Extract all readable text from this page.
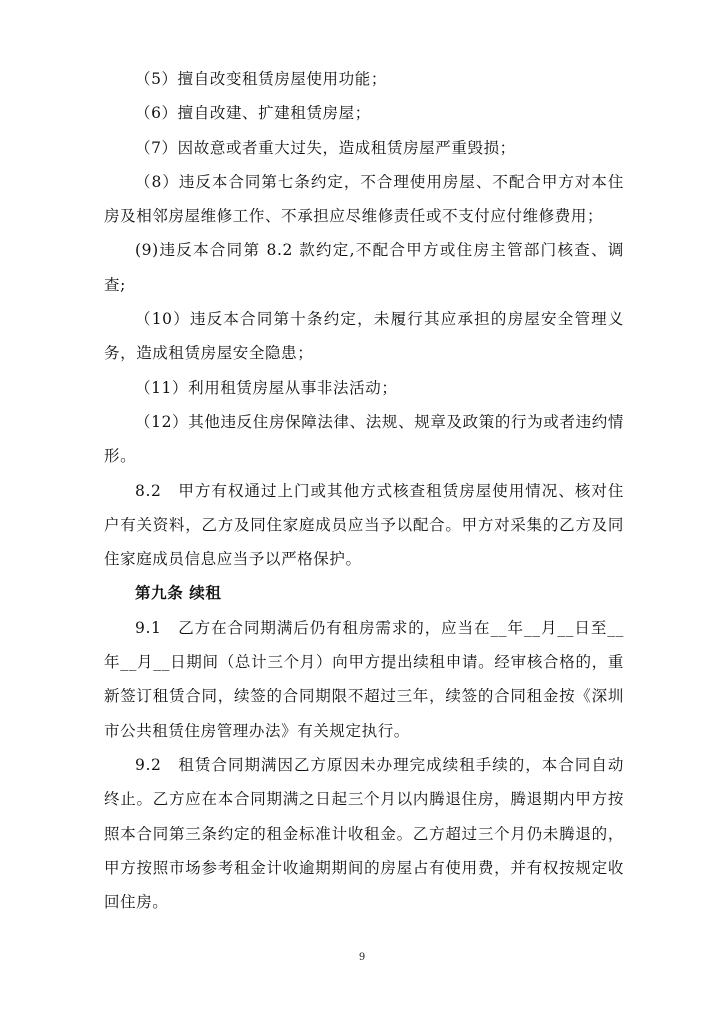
（5）擅自改变租赁房屋使用功能；

（6）擅自改建、扩建租赁房屋；

（7）因故意或者重大过失，造成租赁房屋严重毁损；

（8）违反本合同第七条约定，不合理使用房屋、不配合甲方对本住房及相邻房屋维修工作、不承担应尽维修责任或不支付应付维修费用；

(9)违反本合同第 8.2 款约定,不配合甲方或住房主管部门核查、调查;

（10）违反本合同第十条约定，未履行其应承担的房屋安全管理义务，造成租赁房屋安全隐患；

（11）利用租赁房屋从事非法活动；

（12）其他违反住房保障法律、法规、规章及政策的行为或者违约情形。

8.2　甲方有权通过上门或其他方式核查租赁房屋使用情况、核对住户有关资料，乙方及同住家庭成员应当予以配合。甲方对采集的乙方及同住家庭成员信息应当予以严格保护。

第九条 续租

9.1　乙方在合同期满后仍有租房需求的，应当在__年__月__日至__年__月__日期间（总计三个月）向甲方提出续租申请。经审核合格的，重新签订租赁合同，续签的合同期限不超过三年，续签的合同租金按《深圳市公共租赁住房管理办法》有关规定执行。

9.2　租赁合同期满因乙方原因未办理完成续租手续的，本合同自动终止。乙方应在本合同期满之日起三个月以内腾退住房，腾退期内甲方按照本合同第三条约定的租金标准计收租金。乙方超过三个月仍未腾退的，甲方按照市场参考租金计收逾期期间的房屋占有使用费，并有权按规定收回住房。

9
